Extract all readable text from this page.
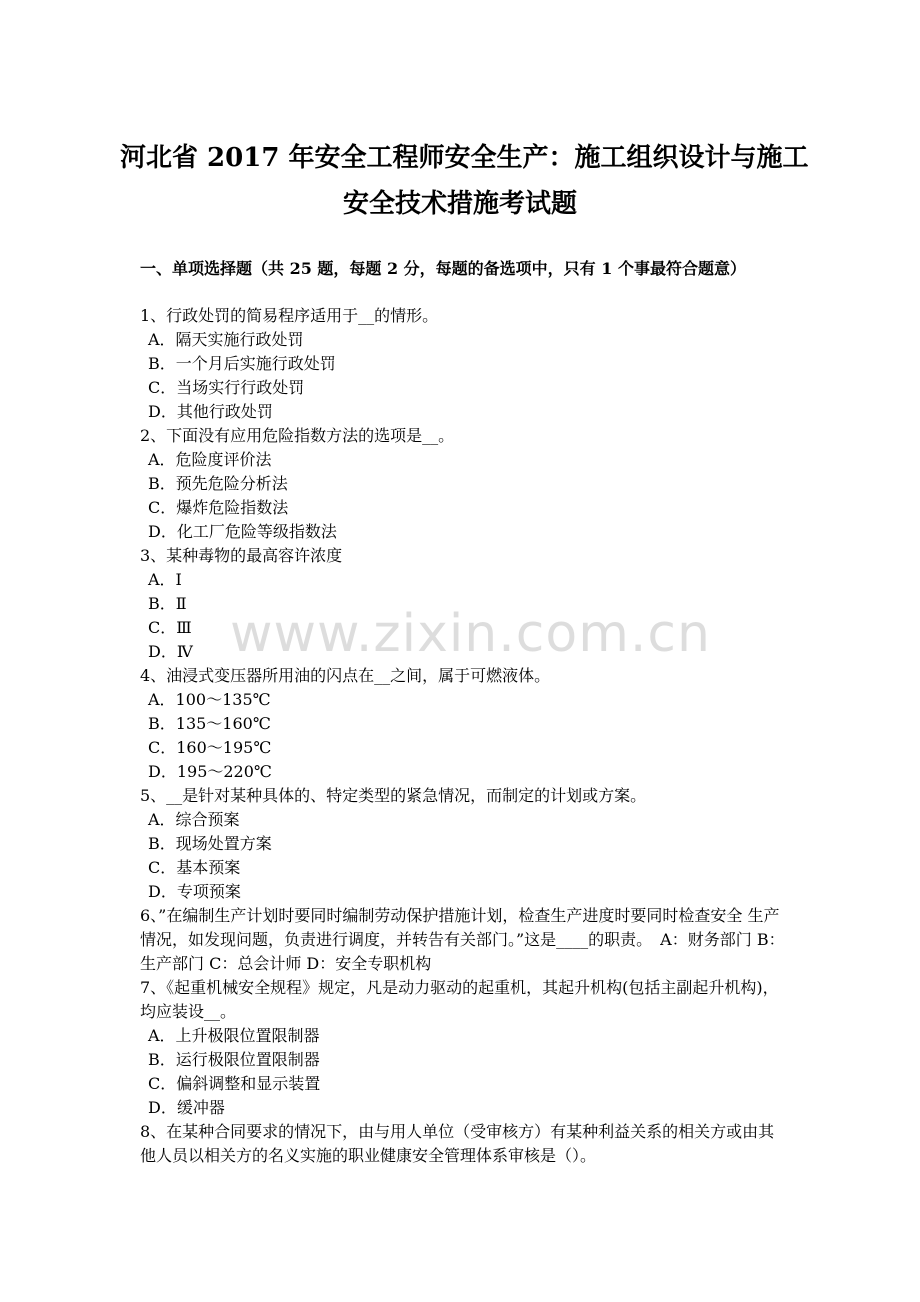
河北省 2017 年安全工程师安全生产：施工组织设计与施工
安全技术措施考试题
一、单项选择题（共 25 题，每题 2 分，每题的备选项中，只有 1 个事最符合题意）
1、行政处罚的简易程序适用于__的情形。
A．隔天实施行政处罚
B．一个月后实施行政处罚
C．当场实行行政处罚
D．其他行政处罚
2、下面没有应用危险指数方法的选项是__。
A．危险度评价法
B．预先危险分析法
C．爆炸危险指数法
D．化工厂危险等级指数法
3、某种毒物的最高容许浓度
A．Ⅰ
B．Ⅱ
C．Ⅲ
D．Ⅳ
4、油浸式变压器所用油的闪点在__之间，属于可燃液体。
A．100～135℃
B．135～160℃
C．160～195℃
D．195～220℃
5、__是针对某种具体的、特定类型的紧急情况，而制定的计划或方案。
A．综合预案
B．现场处置方案
C．基本预案
D．专项预案
6、”在编制生产计划时要同时编制劳动保护措施计划，检查生产进度时要同时检查安全 生产情况，如发现问题，负责进行调度，并转告有关部门。”这是____的职责。　A：财务部门 B：生产部门 C：总会计师 D：安全专职机构
7、《起重机械安全规程》规定，凡是动力驱动的起重机，其起升机构(包括主副起升机构)，均应装设__。
A．上升极限位置限制器
B．运行极限位置限制器
C．偏斜调整和显示装置
D．缓冲器
8、在某种合同要求的情况下，由与用人单位（受审核方）有某种利益关系的相关方或由其他人员以相关方的名义实施的职业健康安全管理体系审核是（）。
www.zixin.com.cn
